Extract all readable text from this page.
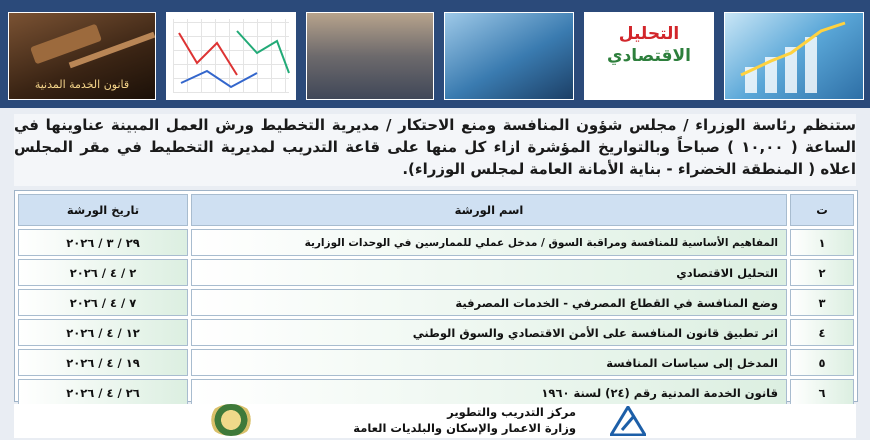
قانون الخدمة المدنية
التحليل
الاقتصادي
ستنظم رئاسة الوزراء / مجلس شؤون المنافسة ومنع الاحتكار / مديرية التخطيط ورش العمل المبينة عناوينها في الساعة ( ١٠,٠٠ ) صباحاً وبالتواريخ المؤشرة ازاء كل منها على قاعة التدريب لمديرية التخطيط في مقر المجلس اعلاه ( المنطقة الخضراء - بناية الأمانة العامة لمجلس الوزراء).
ت	اسم الورشة	تاريخ الورشة
١	المفاهيم الأساسية للمنافسة ومراقبة السوق / مدخل عملي للممارسين في الوحدات الوزارية	٢٩ / ٣ / ٢٠٢٦
٢	التحليل الاقتصادي	٢ / ٤ / ٢٠٢٦
٣	وضع المنافسة في القطاع المصرفي - الخدمات المصرفية	٧ / ٤ / ٢٠٢٦
٤	اثر تطبيق قانون المنافسة على الأمن الاقتصادي والسوق الوطني	١٢ / ٤ / ٢٠٢٦
٥	المدخل إلى سياسات المنافسة	١٩ / ٤ / ٢٠٢٦
٦	قانون الخدمة المدنية رقم (٢٤) لسنة ١٩٦٠	٢٦ / ٤ / ٢٠٢٦
مركز التدريب والتطوير
وزارة الاعمار والإسكان والبلديات العامة
